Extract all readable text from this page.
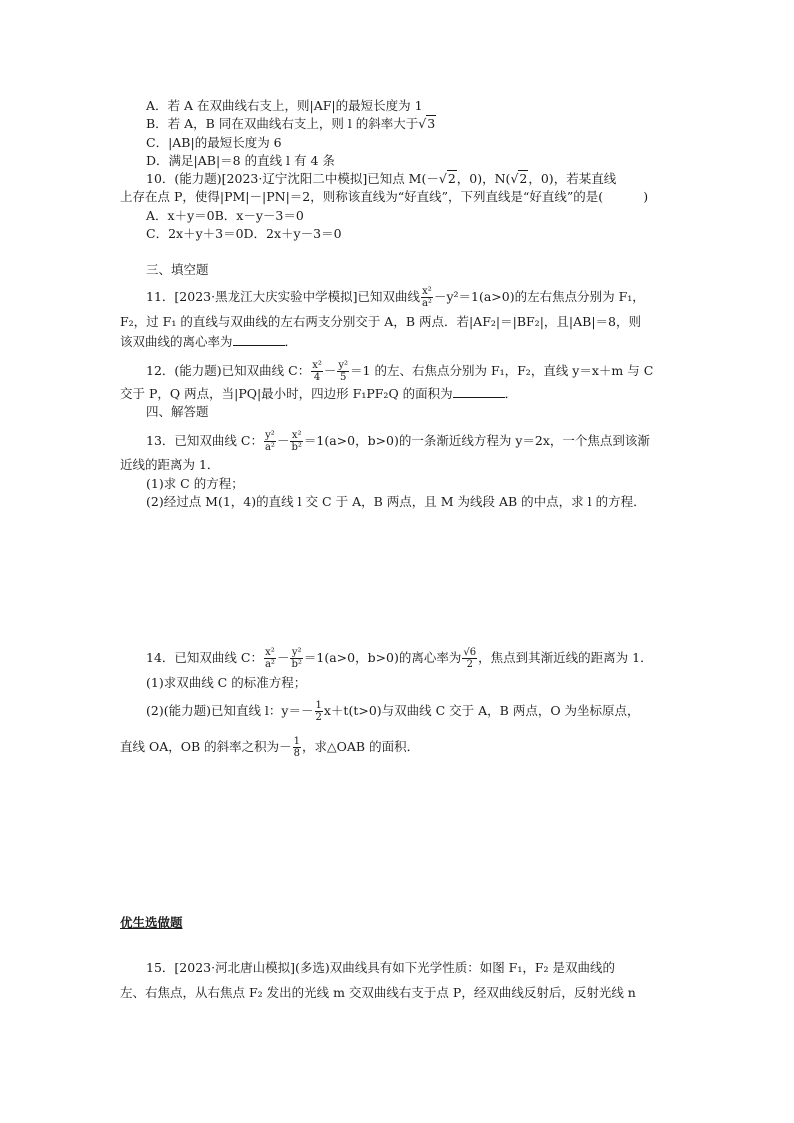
A．若 A 在双曲线右支上，则|AF|的最短长度为 1
B．若 A，B 同在双曲线右支上，则 l 的斜率大于√3
C．|AB|的最短长度为 6
D．满足|AB|＝8 的直线 l 有 4 条
10．(能力题)[2023·辽宁沈阳二中模拟]已知点 M(－√2，0)，N(√2，0)，若某直线
上存在点 P，使得|PM|－|PN|＝2，则称该直线为“好直线”，下列直线是“好直线”的是(	)
A．x＋y＝0B．x－y－3＝0
C．2x＋y＋3＝0D．2x＋y－3＝0
三、填空题
11．[2023·黑龙江大庆实验中学模拟]已知双曲线 $\frac{\text{x²}}{\text{a²}} -y^2=1(a>0)$的左右焦点分别为 F₁，
F₂，过 F₁ 的直线与双曲线的左右两支分别交于 A，B 两点．若|AF₂|＝|BF₂|，且|AB|＝8，则
该双曲线的离心率为	．
12．(能力题)已知双曲线 C： $\frac{\text{x²}}{4} - \frac{\text{y²}}{5} =1$ 的左、右焦点分别为 F₁，F₂，直线 y＝x＋m 与 C
交于 P，Q 两点，当|PQ|最小时，四边形 F₁PF₂Q 的面积为	．
四、解答题
13．已知双曲线 C： $\frac{\text{y²}}{\text{a²}} - \frac{\text{x²}}{\text{b²}} =1(a>0$，b>0)的一条渐近线方程为 y＝2x，一个焦点到该渐
近线的距离为 1．
(1)求 C 的方程；
(2)经过点 M(1，4)的直线 l 交 C 于 A，B 两点，且 M 为线段 AB 的中点，求 l 的方程．
14．已知双曲线 C： $\frac{\text{x²}}{\text{a²}} - \frac{\text{y²}}{\text{b²}} =1(a>0$，b>0)的离心率为 $\frac{√6}{2}$ ，焦点到其渐近线的距离为 1．
(1)求双曲线 C 的标准方程；
(2)(能力题)已知直线 l：$y=- \frac{1}{2} x+t(t>0)$与双曲线 C 交于 A，B 两点，O 为坐标原点，
直线 OA，OB 的斜率之积为－ $\frac{1}{8}$ ，求△OAB 的面积．
优生选做题
15．[2023·河北唐山模拟](多选)双曲线具有如下光学性质：如图 F₁，F₂ 是双曲线的
左、右焦点，从右焦点 F₂ 发出的光线 m 交双曲线右支于点 P，经双曲线反射后，反射光线 n
